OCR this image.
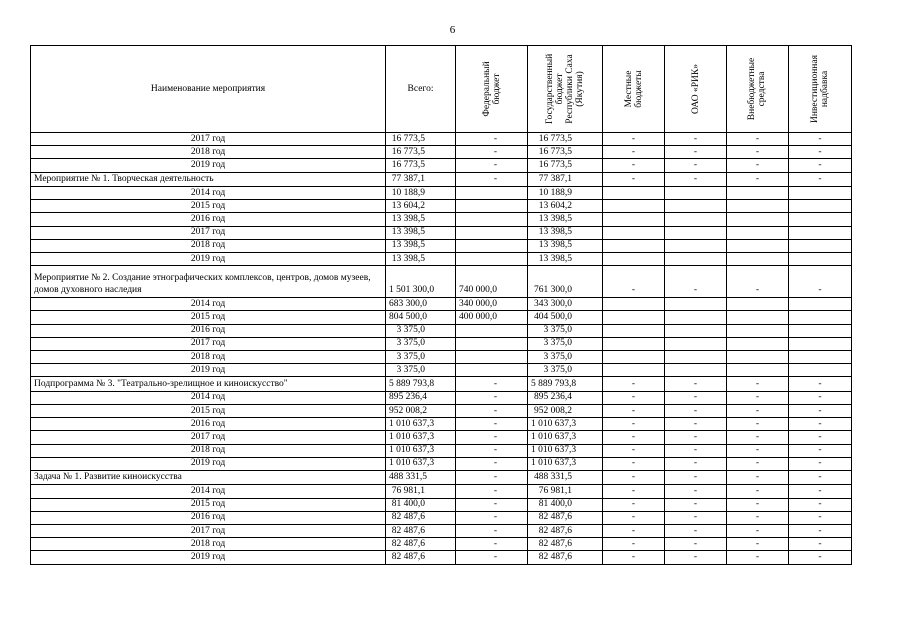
6
Наименование мероприятия	Всего:	Федеральный бюджет	Государственный бюджет Республики Саха (Якутия)	Местные бюджеты	ОАО «РИК»	Внебюджетные средства	Инвестиционная надбавка

2017 год	16 773,5	-	16 773,5	-	-	-	-
2018 год	16 773,5	-	16 773,5	-	-	-	-
2019 год	16 773,5	-	16 773,5	-	-	-	-
Мероприятие № 1. Творческая деятельность	77 387,1	-	77 387,1	-	-	-	-
2014 год	10 188,9		10 188,9				
2015 год	13 604,2		13 604,2				
2016 год	13 398,5		13 398,5				
2017 год	13 398,5		13 398,5				
2018 год	13 398,5		13 398,5				
2019 год	13 398,5		13 398,5				
Мероприятие № 2. Создание этнографических комплексов, центров, домов музеев, домов духовного наследия	1 501 300,0	740 000,0	761 300,0	-	-	-	-
2014 год	683 300,0	340 000,0	343 300,0				
2015 год	804 500,0	400 000,0	404 500,0				
2016 год	3 375,0		3 375,0				
2017 год	3 375,0		3 375,0				
2018 год	3 375,0		3 375,0				
2019 год	3 375,0		3 375,0				
Подпрограмма № 3. "Театрально-зрелищное и киноискусство"	5 889 793,8	-	5 889 793,8	-	-	-	-
2014 год	895 236,4	-	895 236,4	-	-	-	-
2015 год	952 008,2	-	952 008,2	-	-	-	-
2016 год	1 010 637,3	-	1 010 637,3	-	-	-	-
2017 год	1 010 637,3	-	1 010 637,3	-	-	-	-
2018 год	1 010 637,3	-	1 010 637,3	-	-	-	-
2019 год	1 010 637,3	-	1 010 637,3	-	-	-	-
Задача № 1. Развитие киноискусства	488 331,5	-	488 331,5	-	-	-	-
2014 год	76 981,1	-	76 981,1	-	-	-	-
2015 год	81 400,0	-	81 400,0	-	-	-	-
2016 год	82 487,6	-	82 487,6	-	-	-	-
2017 год	82 487,6	-	82 487,6	-	-	-	-
2018 год	82 487,6	-	82 487,6	-	-	-	-
2019 год	82 487,6	-	82 487,6	-	-	-	-
